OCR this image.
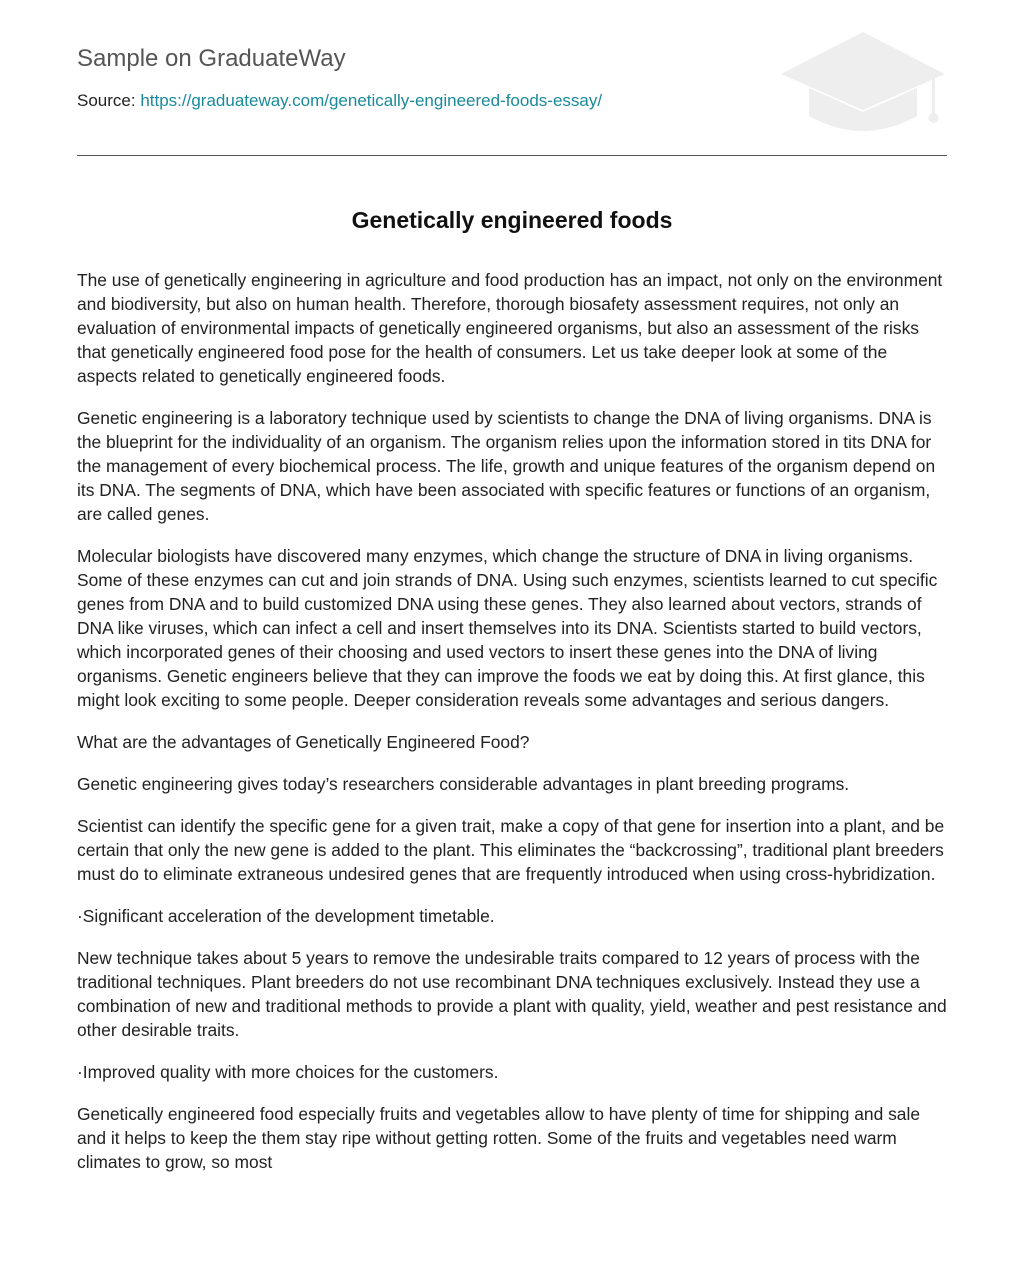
Sample on GraduateWay
Source: https://graduateway.com/genetically-engineered-foods-essay/
Genetically engineered foods

The use of genetically engineering in agriculture and food production has an impact, not only on the environment and biodiversity, but also on human health. Therefore, thorough biosafety assessment requires, not only an evaluation of environmental impacts of genetically engineered organisms, but also an assessment of the risks that genetically engineered food pose for the health of consumers. Let us take deeper look at some of the aspects related to genetically engineered foods.

Genetic engineering is a laboratory technique used by scientists to change the DNA of living organisms. DNA is the blueprint for the individuality of an organism. The organism relies upon the information stored in tits DNA for the management of every biochemical process. The life, growth and unique features of the organism depend on its DNA. The segments of DNA, which have been associated with specific features or functions of an organism, are called genes.

Molecular biologists have discovered many enzymes, which change the structure of DNA in living organisms. Some of these enzymes can cut and join strands of DNA. Using such enzymes, scientists learned to cut specific genes from DNA and to build customized DNA using these genes. They also learned about vectors, strands of DNA like viruses, which can infect a cell and insert themselves into its DNA. Scientists started to build vectors, which incorporated genes of their choosing and used vectors to insert these genes into the DNA of living organisms. Genetic engineers believe that they can improve the foods we eat by doing this. At first glance, this might look exciting to some people. Deeper consideration reveals some advantages and serious dangers.

What are the advantages of Genetically Engineered Food?

Genetic engineering gives today’s researchers considerable advantages in plant breeding programs.

Scientist can identify the specific gene for a given trait, make a copy of that gene for insertion into a plant, and be certain that only the new gene is added to the plant. This eliminates the “backcrossing”, traditional plant breeders must do to eliminate extraneous undesired genes that are frequently introduced when using cross-hybridization.

·Significant acceleration of the development timetable.

New technique takes about 5 years to remove the undesirable traits compared to 12 years of process with the traditional techniques. Plant breeders do not use recombinant DNA techniques exclusively. Instead they use a combination of new and traditional methods to provide a plant with quality, yield, weather and pest resistance and other desirable traits.

·Improved quality with more choices for the customers.

Genetically engineered food especially fruits and vegetables allow to have plenty of time for shipping and sale and it helps to keep the them stay ripe without getting rotten. Some of the fruits and vegetables need warm climates to grow, so most
